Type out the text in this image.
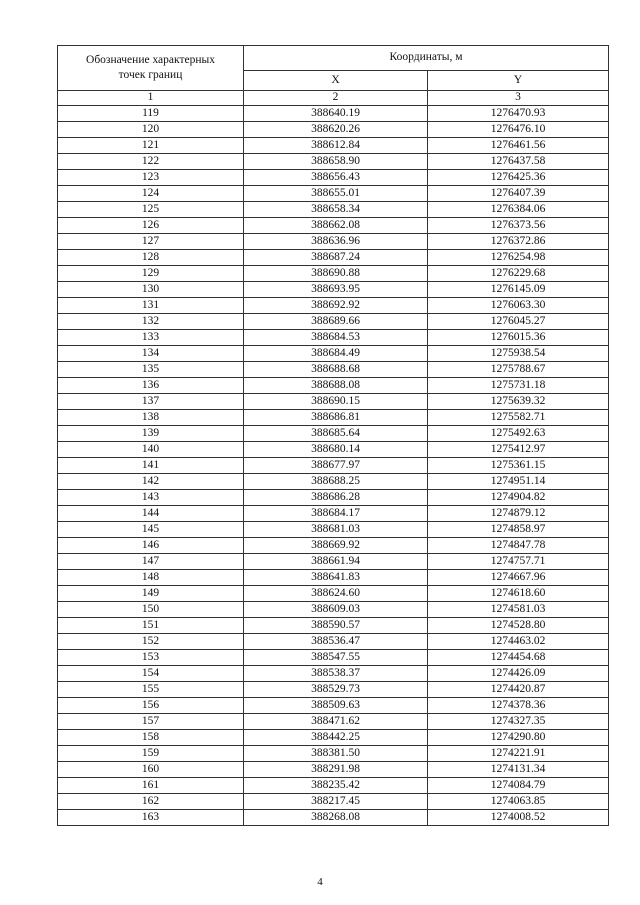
Обозначение характерных точек границ	Координаты, м	
	X	Y
1	2	3
119	388640.19	1276470.93
120	388620.26	1276476.10
121	388612.84	1276461.56
122	388658.90	1276437.58
123	388656.43	1276425.36
124	388655.01	1276407.39
125	388658.34	1276384.06
126	388662.08	1276373.56
127	388636.96	1276372.86
128	388687.24	1276254.98
129	388690.88	1276229.68
130	388693.95	1276145.09
131	388692.92	1276063.30
132	388689.66	1276045.27
133	388684.53	1276015.36
134	388684.49	1275938.54
135	388688.68	1275788.67
136	388688.08	1275731.18
137	388690.15	1275639.32
138	388686.81	1275582.71
139	388685.64	1275492.63
140	388680.14	1275412.97
141	388677.97	1275361.15
142	388688.25	1274951.14
143	388686.28	1274904.82
144	388684.17	1274879.12
145	388681.03	1274858.97
146	388669.92	1274847.78
147	388661.94	1274757.71
148	388641.83	1274667.96
149	388624.60	1274618.60
150	388609.03	1274581.03
151	388590.57	1274528.80
152	388536.47	1274463.02
153	388547.55	1274454.68
154	388538.37	1274426.09
155	388529.73	1274420.87
156	388509.63	1274378.36
157	388471.62	1274327.35
158	388442.25	1274290.80
159	388381.50	1274221.91
160	388291.98	1274131.34
161	388235.42	1274084.79
162	388217.45	1274063.85
163	388268.08	1274008.52
4
